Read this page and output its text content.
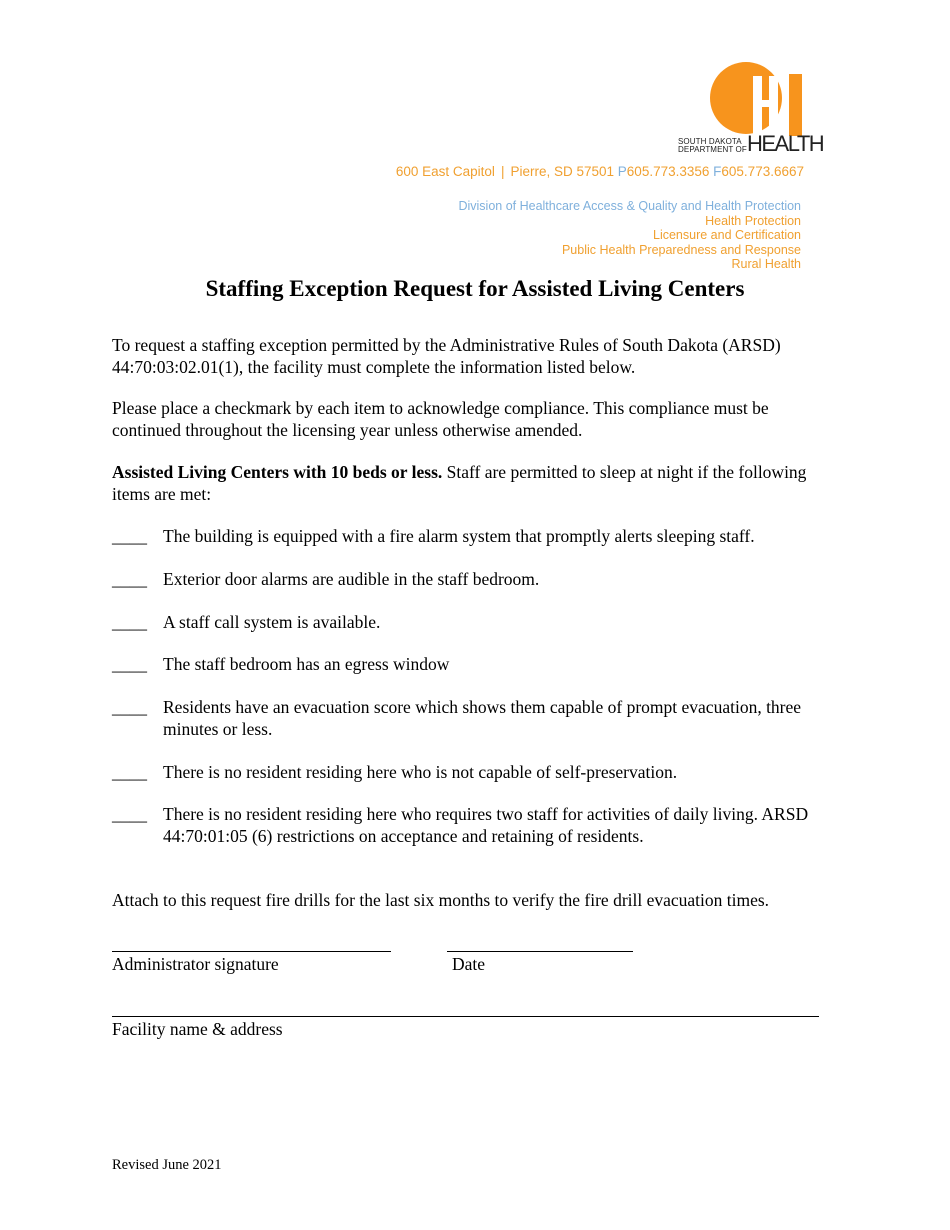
SOUTH DAKOTA
DEPARTMENT OF HEALTH
600 East Capitol | Pierre, SD 57501 P605.773.3356 F605.773.6667
Division of Healthcare Access & Quality and Health Protection
Health Protection
Licensure and Certification
Public Health Preparedness and Response
Rural Health
Staffing Exception Request for Assisted Living Centers

To request a staffing exception permitted by the Administrative Rules of South Dakota (ARSD) 44:70:03:02.01(1), the facility must complete the information listed below.

Please place a checkmark by each item to acknowledge compliance. This compliance must be continued throughout the licensing year unless otherwise amended.

Assisted Living Centers with 10 beds or less. Staff are permitted to sleep at night if the following items are met:

____ The building is equipped with a fire alarm system that promptly alerts sleeping staff.
____ Exterior door alarms are audible in the staff bedroom.
____ A staff call system is available.
____ The staff bedroom has an egress window
____ Residents have an evacuation score which shows them capable of prompt evacuation, three minutes or less.
____ There is no resident residing here who is not capable of self-preservation.
____ There is no resident residing here who requires two staff for activities of daily living. ARSD 44:70:01:05 (6) restrictions on acceptance and retaining of residents.
Attach to this request fire drills for the last six months to verify the fire drill evacuation times.
Administrator signature	Date
Facility name & address
Revised June 2021
